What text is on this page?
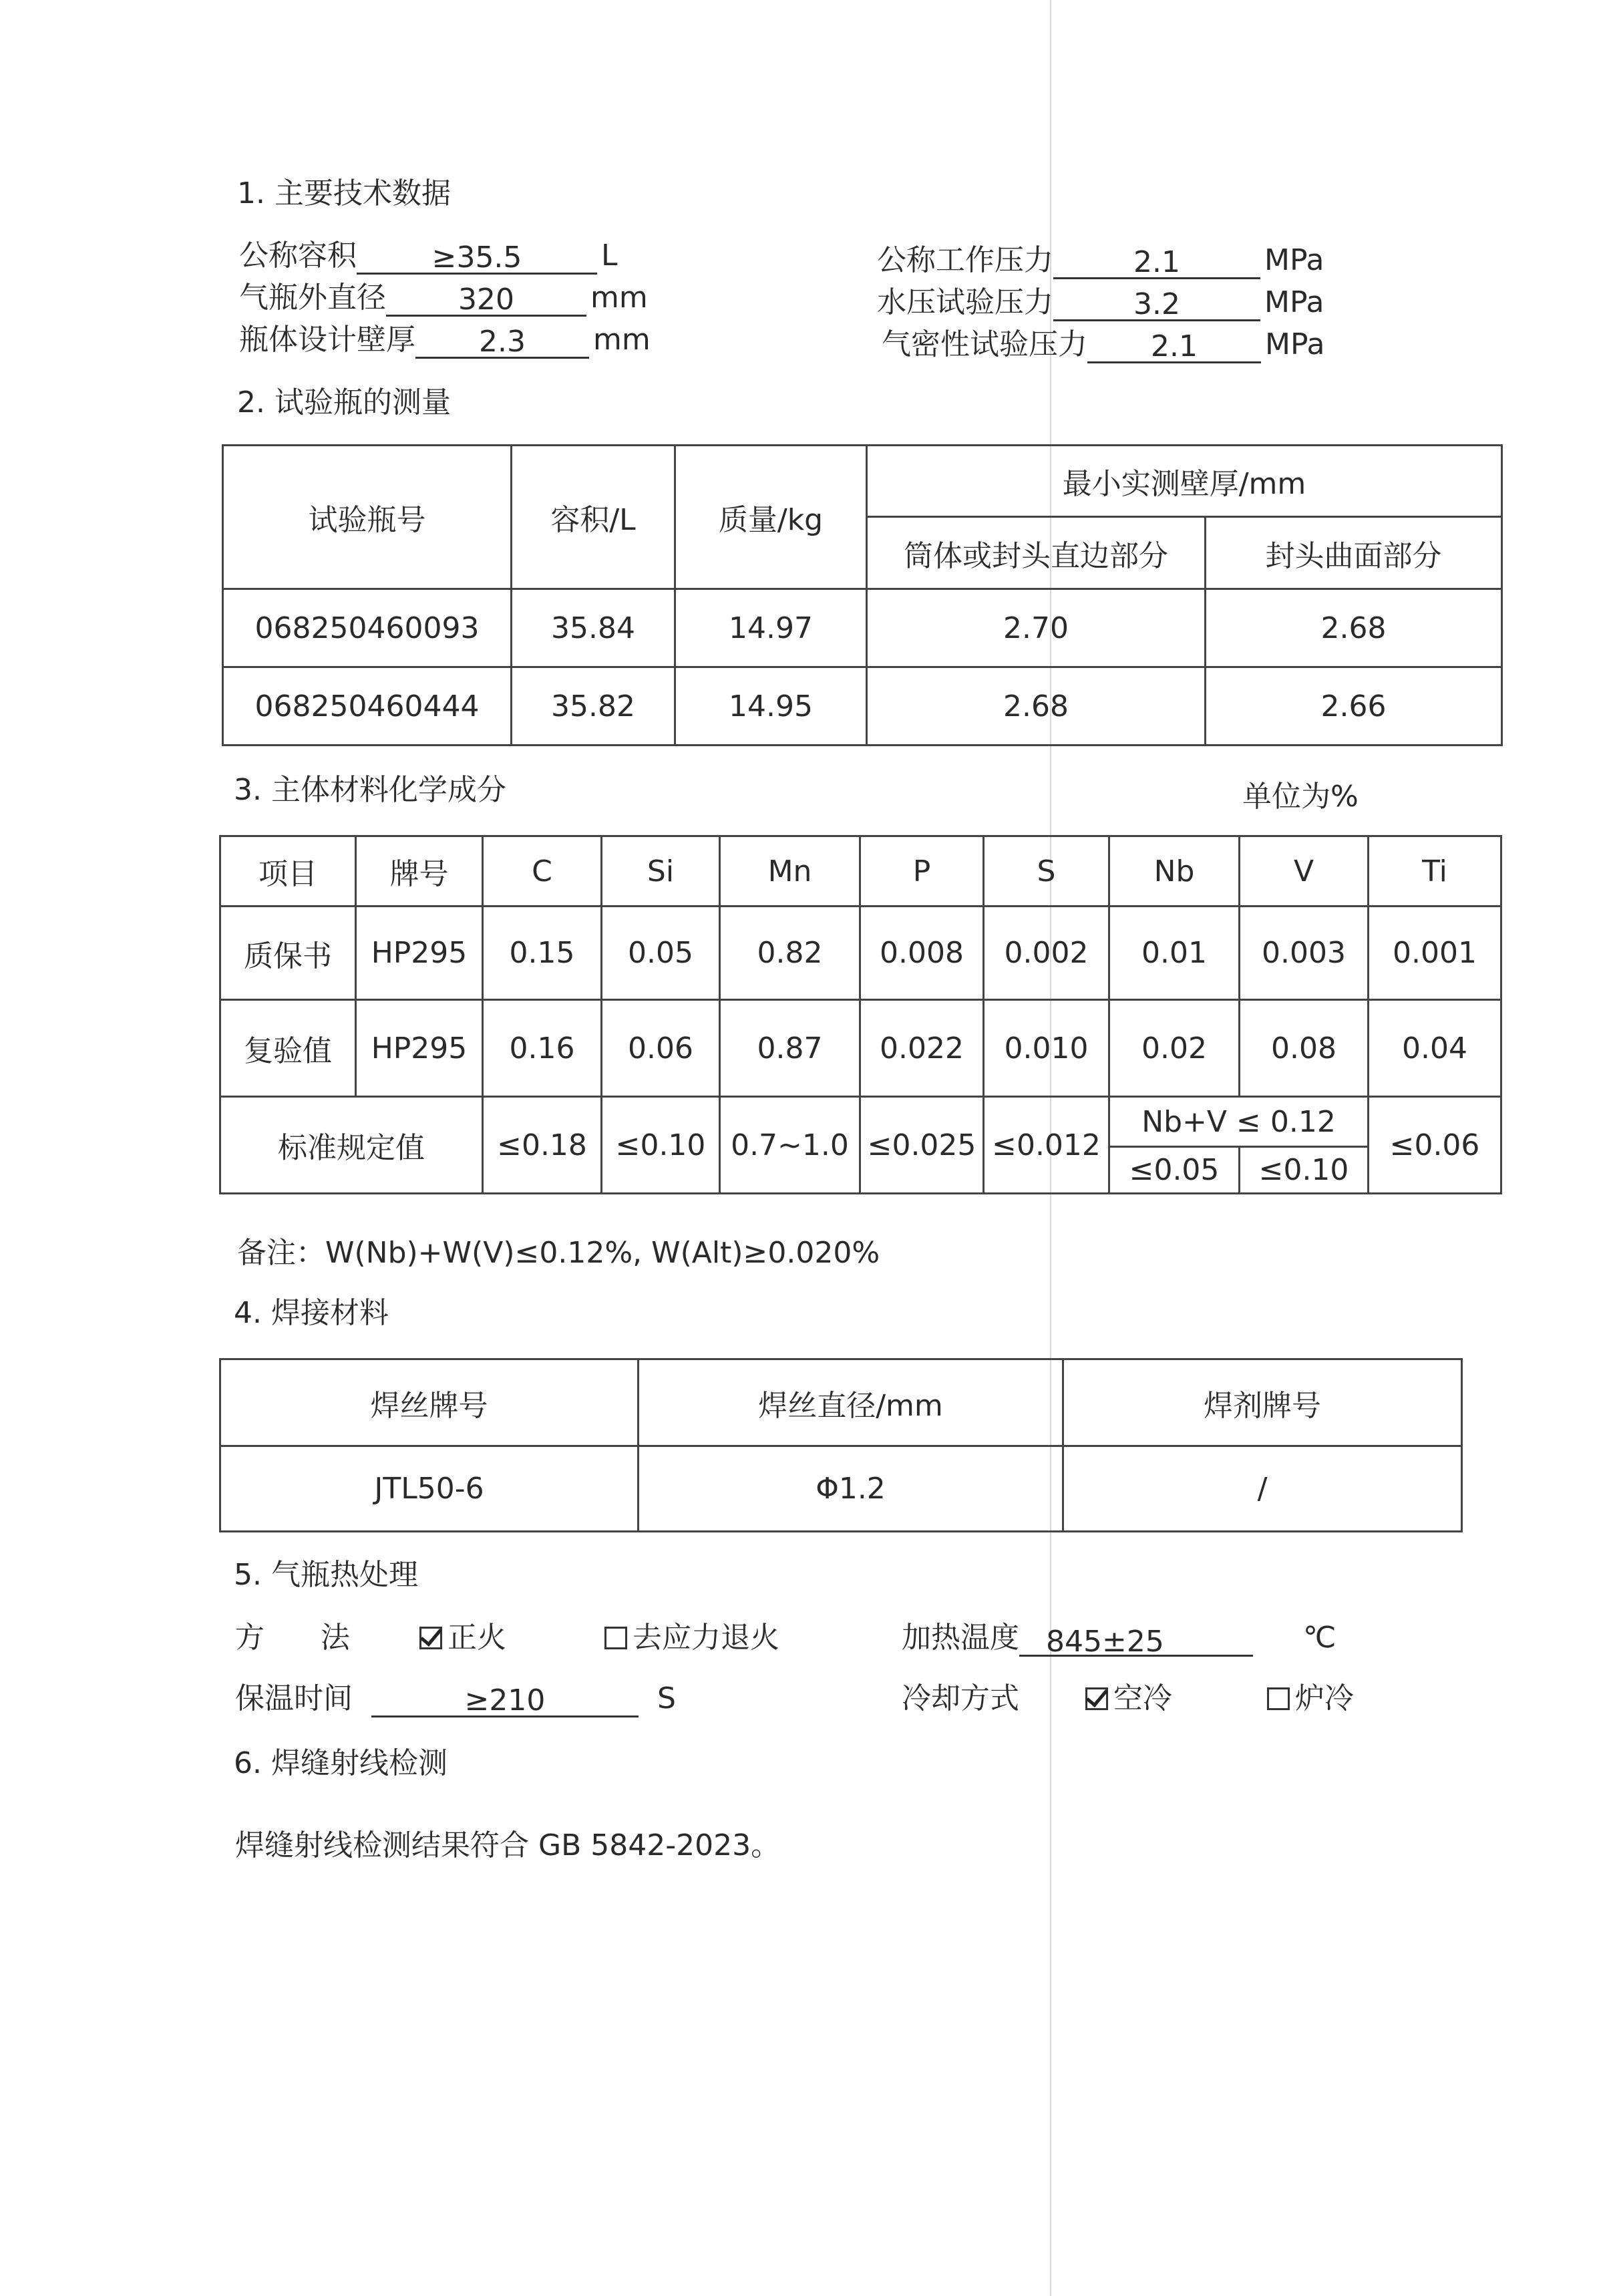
1. 主要技术数据
公称容积	≥35.5	L
气瓶外直径	320	mm
瓶体设计壁厚	2.3	mm
公称工作压力	2.1	MPa
水压试验压力	3.2	MPa
气密性试验压力	2.1	MPa
2. 试验瓶的测量
试验瓶号	容积/L	质量/kg	最小实测壁厚/mm	
			筒体或封头直边部分	封头曲面部分
068250460093	35.84	14.97	2.70	2.68
068250460444	35.82	14.95	2.68	2.66
3. 主体材料化学成分	单位为%
项目	牌号	C	Si	Mn	P	S	Nb	V	Ti
质保书	HP295	0.15	0.05	0.82	0.008	0.002	0.01	0.003	0.001
复验值	HP295	0.16	0.06	0.87	0.022	0.010	0.02	0.08	0.04
标准规定值		≤0.18	≤0.10	0.7~1.0	≤0.025	≤0.012	Nb+V ≤ 0.12		≤0.06
							≤0.05	≤0.10	
备注：W(Nb)+W(V)≤0.12%, W(Alt)≥0.020%
4. 焊接材料
焊丝牌号	焊丝直径/mm	焊剂牌号
JTL50-6	Φ1.2	/
5. 气瓶热处理
方      法	正火	去应力退火	加热温度 845±25	℃
保温时间	≥210	S	冷却方式	空冷	炉冷
6. 焊缝射线检测
焊缝射线检测结果符合 GB 5842-2023。
